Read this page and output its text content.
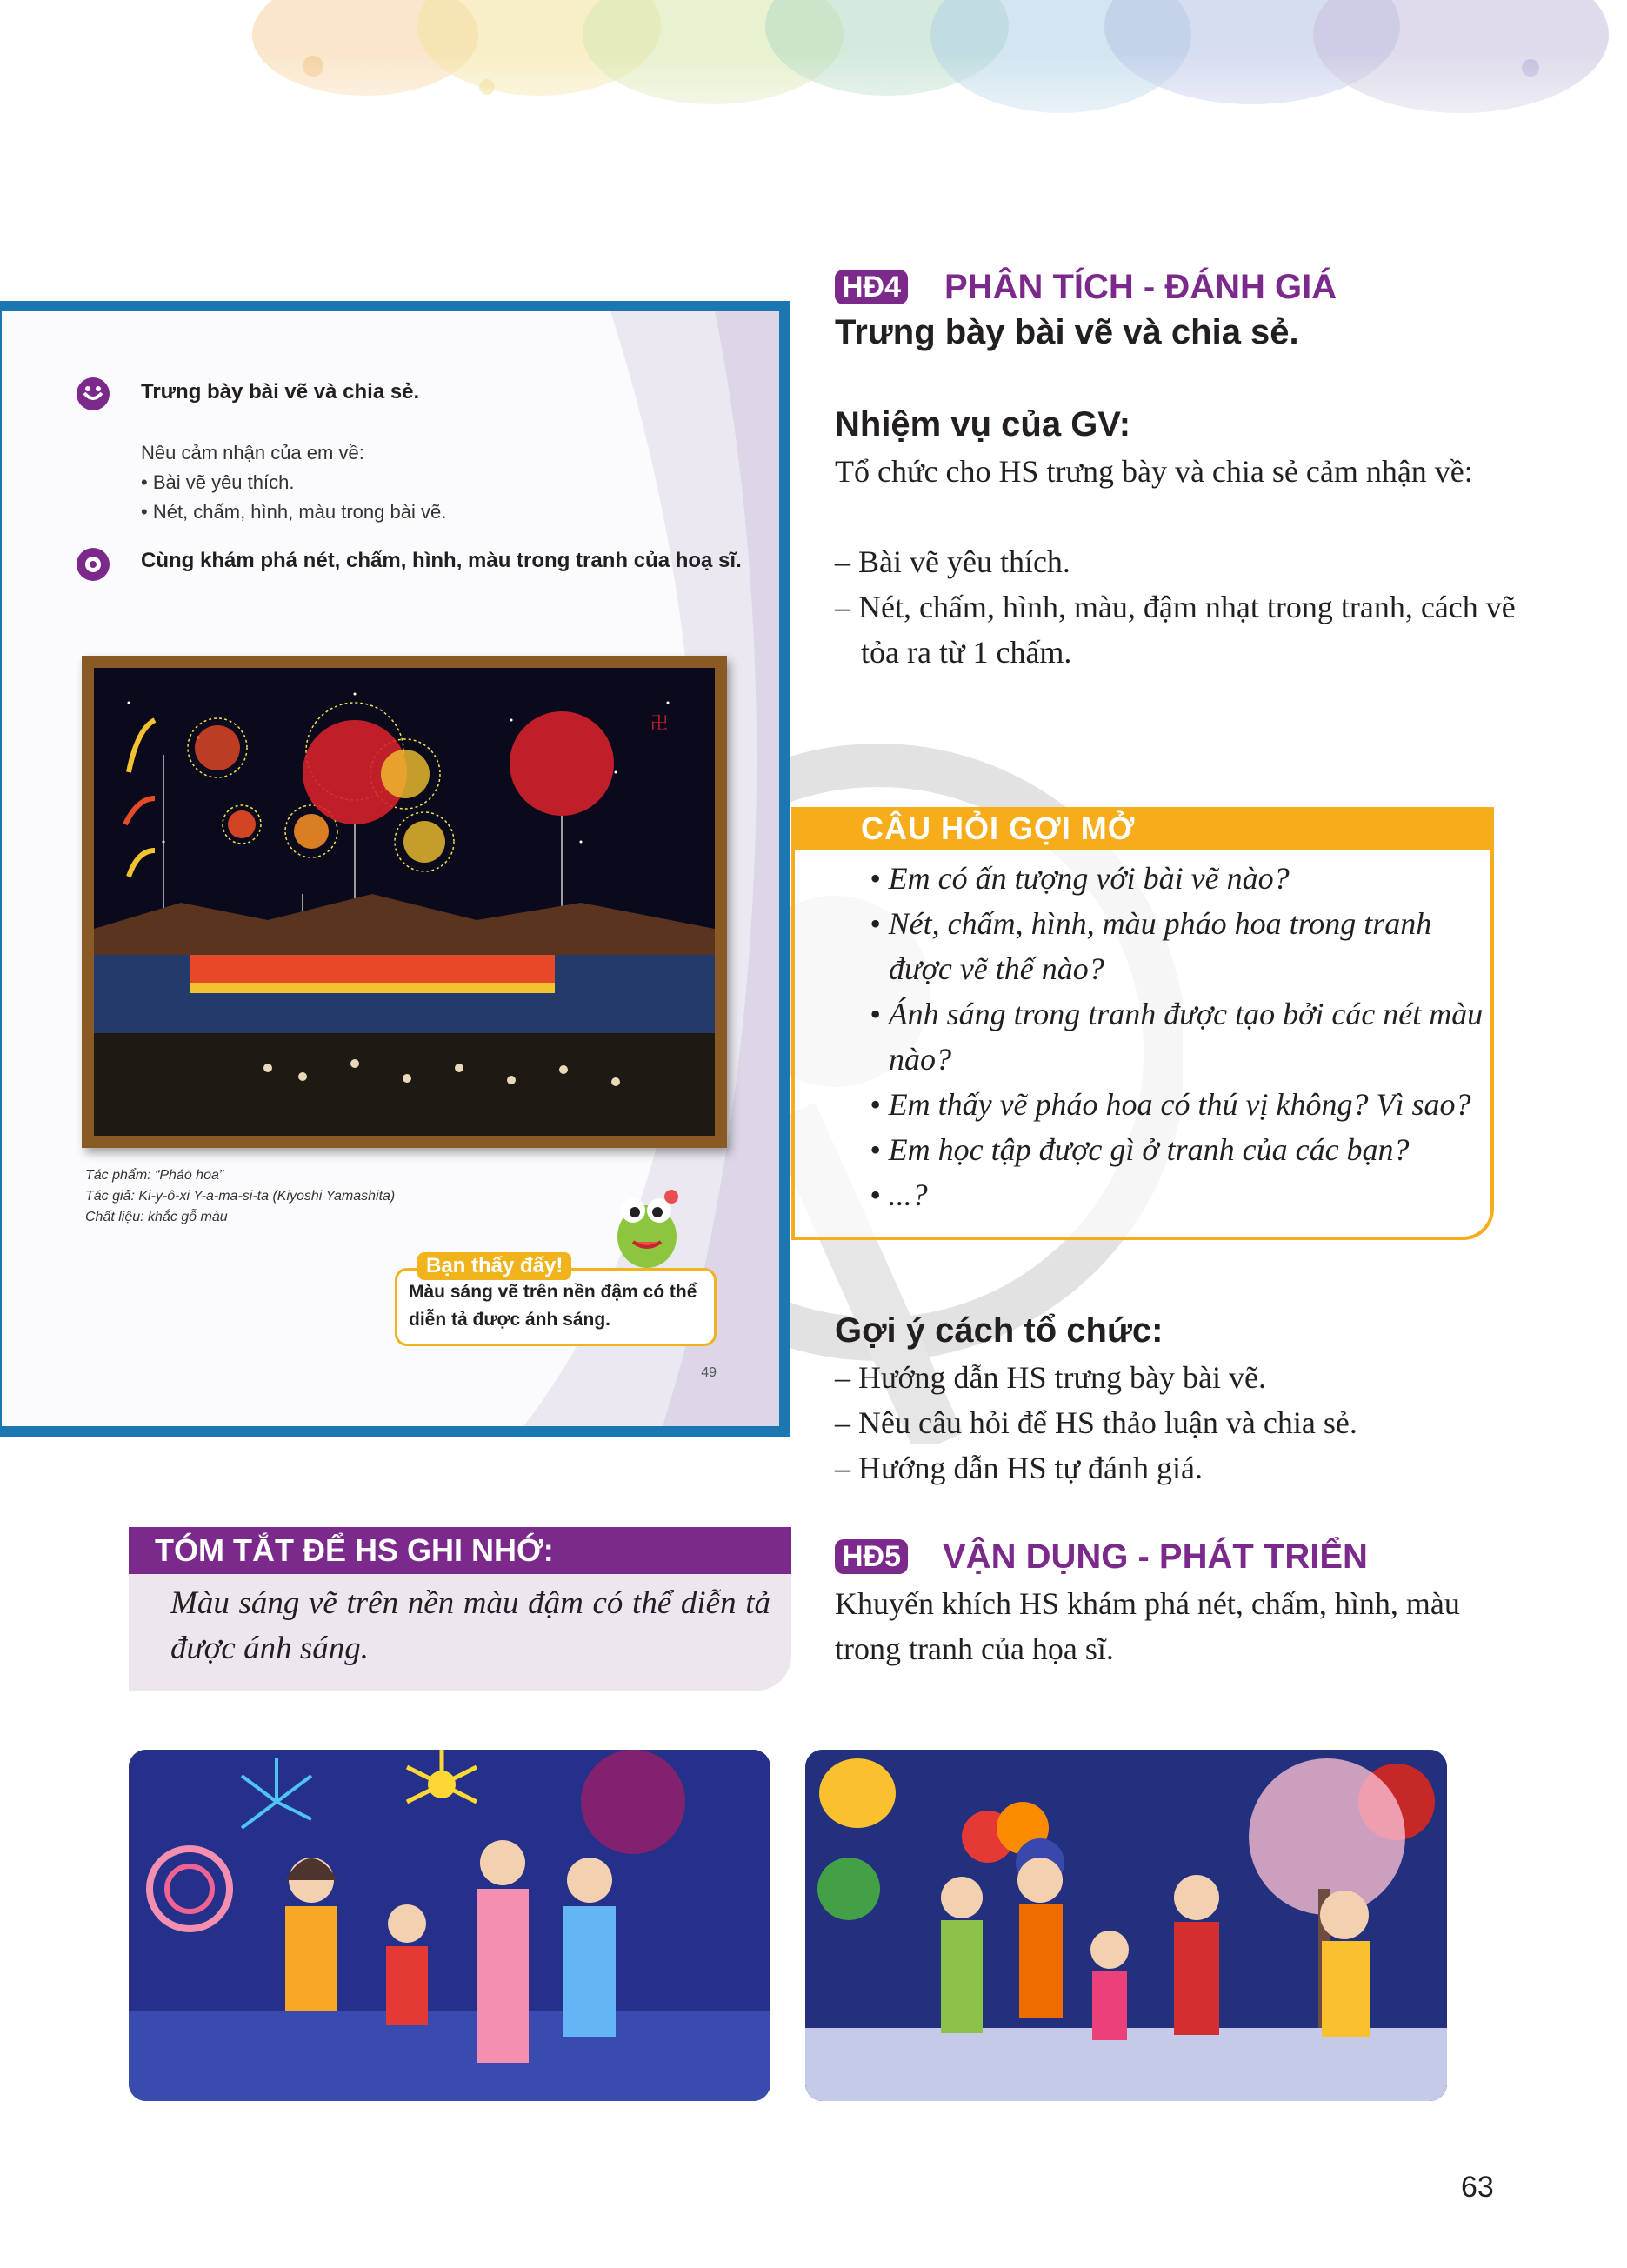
Trưng bày bài vẽ và chia sẻ.
Nêu cảm nhận của em về:
• Bài vẽ yêu thích.
• Nét, chấm, hình, màu trong bài vẽ.
Cùng khám phá nét, chấm, hình, màu trong tranh của hoạ sĩ.
卍
Tác phẩm: “Pháo hoa”
Tác giả: Ki-y-ô-xi Y-a-ma-si-ta (Kiyoshi Yamashita)
Chất liệu: khắc gỗ màu
Bạn thấy đấy!
Màu sáng vẽ trên nền đậm có thể diễn tả được ánh sáng.
49
HĐ4 PHÂN TÍCH - ĐÁNH GIÁ
Trưng bày bài vẽ và chia sẻ.
Nhiệm vụ của GV:
Tổ chức cho HS trưng bày và chia sẻ cảm nhận về:
– Bài vẽ yêu thích.
– Nét, chấm, hình, màu, đậm nhạt trong tranh, cách vẽ tỏa ra từ 1 chấm.
CÂU HỎI GỢI MỞ
• Em có ấn tượng với bài vẽ nào?
• Nét, chấm, hình, màu pháo hoa trong tranh được vẽ thế nào?
• Ánh sáng trong tranh được tạo bởi các nét màu nào?
• Em thấy vẽ pháo hoa có thú vị không? Vì sao?
• Em học tập được gì ở tranh của các bạn?
• ...?
Gợi ý cách tổ chức:
– Hướng dẫn HS trưng bày bài vẽ.
– Nêu câu hỏi để HS thảo luận và chia sẻ.
– Hướng dẫn HS tự đánh giá.
TÓM TẮT ĐỂ HS GHI NHỚ:
Màu sáng vẽ trên nền màu đậm có thể diễn tả được ánh sáng.
HĐ5 VẬN DỤNG - PHÁT TRIỂN
Khuyến khích HS khám phá nét, chấm, hình, màu trong tranh của họa sĩ.
63
